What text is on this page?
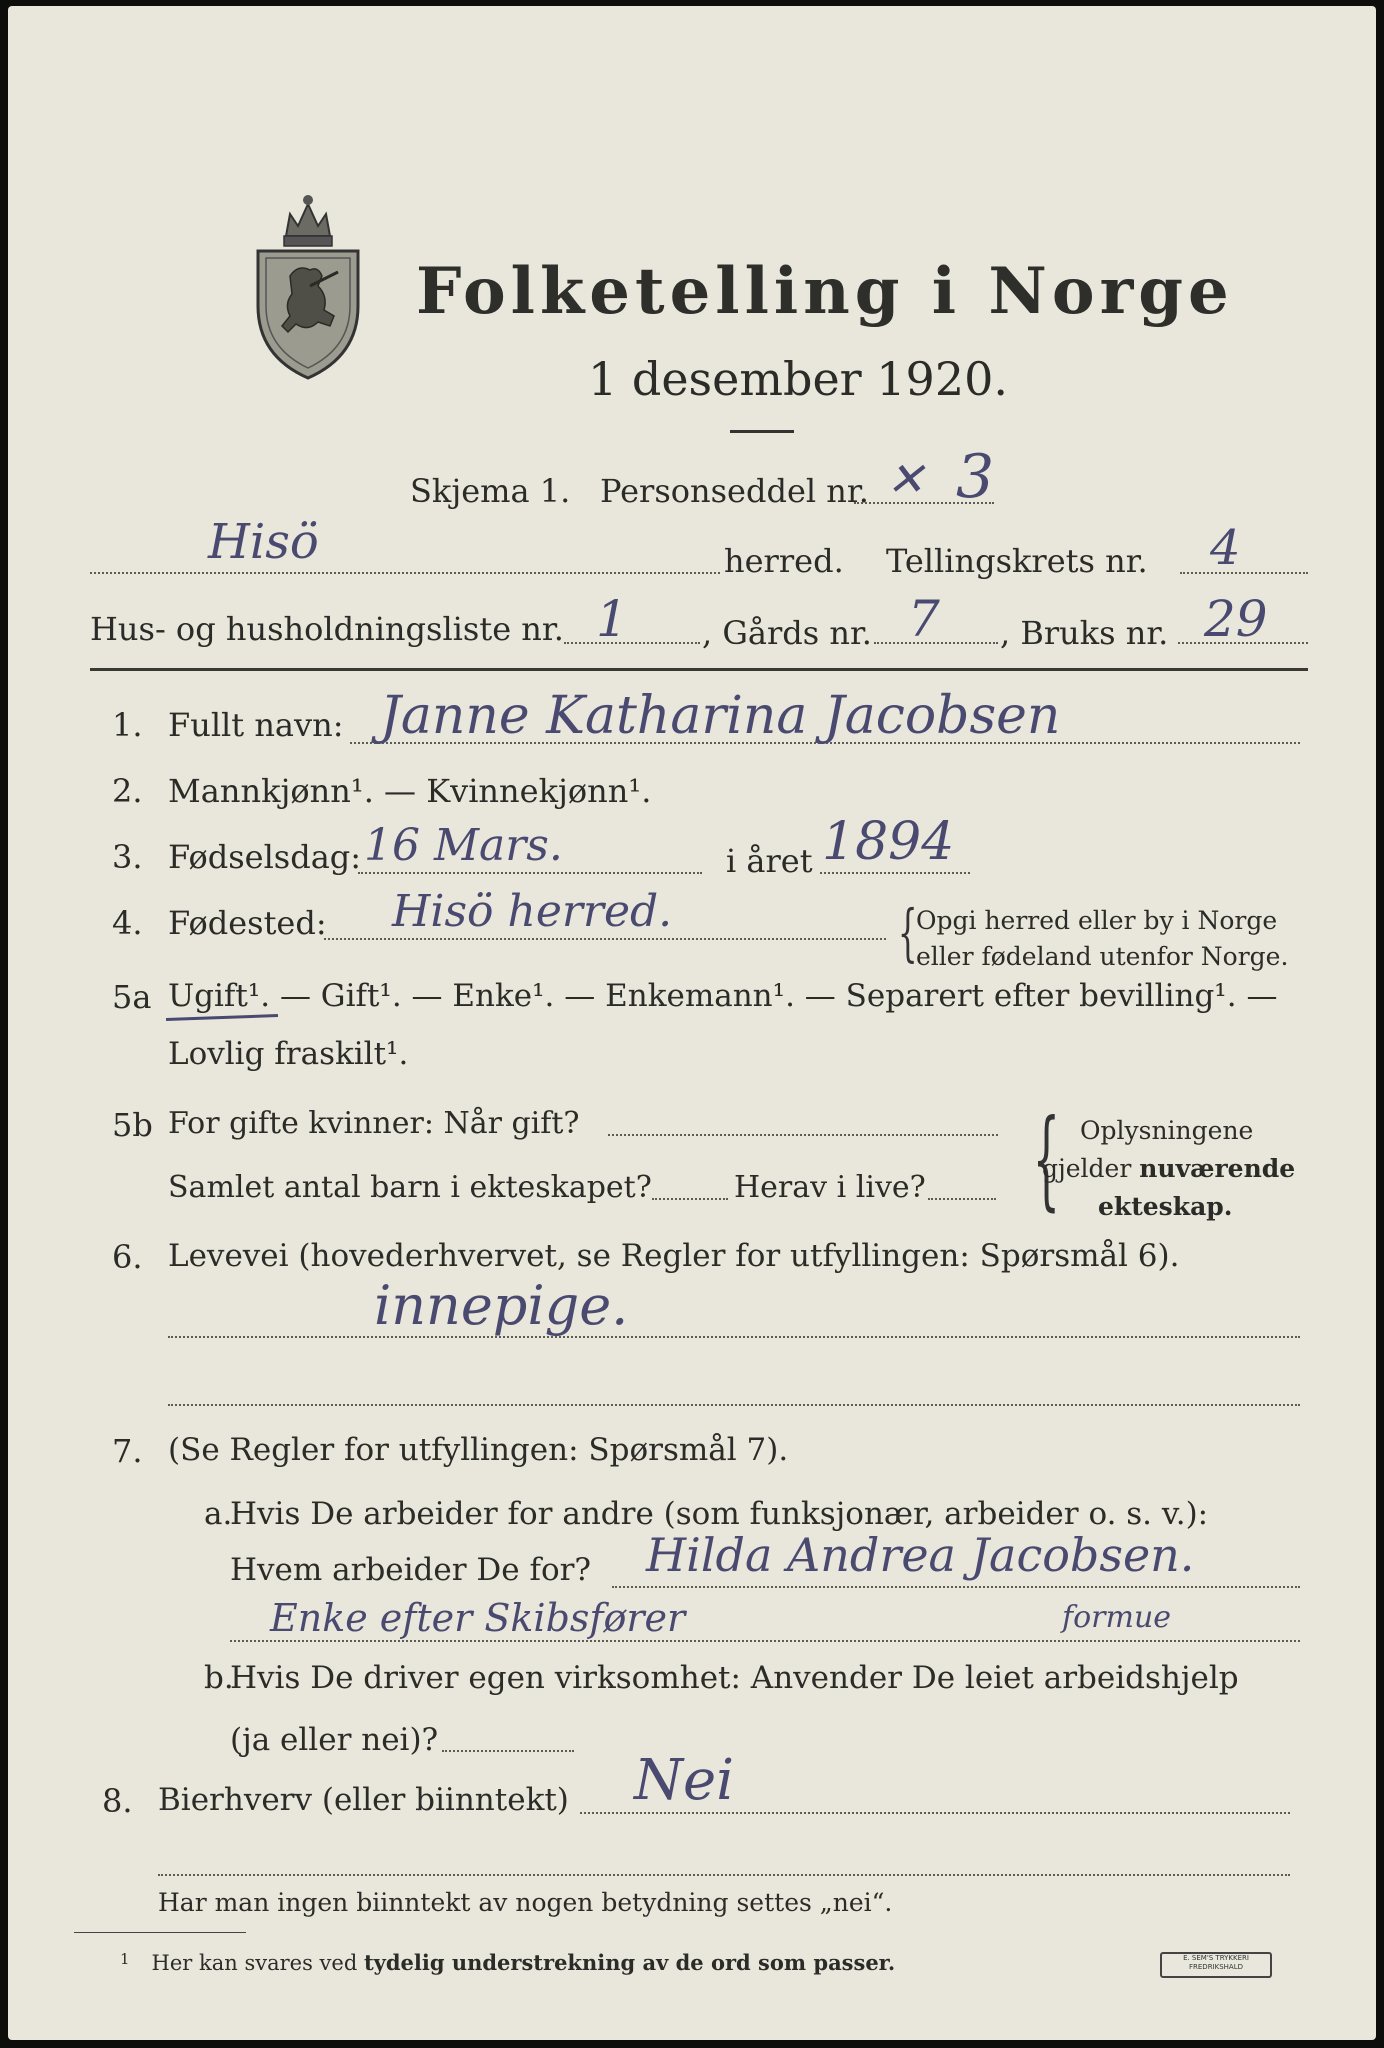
Folketelling i Norge
1 desember 1920.
Skjema 1. Personseddel nr. ✕ 3
Hisö	herred. Tellingskrets nr. 4
Hus- og husholdningsliste nr. 1 , Gårds nr. 7 , Bruks nr. 29
1. Fullt navn: Janne Katharina Jacobsen
2. Mannkjønn¹. — Kvinnekjønn¹.
3. Fødselsdag: 16 Mars.	i året 1894
4. Fødested: Hisö herred.	{
Opgi herred eller by i Norge
eller fødeland utenfor Norge.
5a Ugift¹. — Gift¹. — Enke¹. — Enkemann¹. — Separert efter bevilling¹. —
Lovlig fraskilt¹.
5b For gifte kvinner: Når gift?
Samlet antal barn i ekteskapet?	Herav i live? { Oplysningene
gjelder nuværende
ekteskap.
6. Levevei (hovederhvervet, se Regler for utfyllingen: Spørsmål 6).
innepige.
7. (Se Regler for utfyllingen: Spørsmål 7).
a.
Hvis De arbeider for andre (som funksjonær, arbeider o. s. v.):
Hvem arbeider De for? Hilda Andrea Jacobsen.
Enke efter Skibsfører	formue
b.
Hvis De driver egen virksomhet: Anvender De leiet arbeidshjelp
(ja eller nei)?
8. Bierhverv (eller biinntekt) Nei
Har man ingen biinntekt av nogen betydning settes „nei“.
$^1$ Her kan svares ved tydelig understrekning av de ord som passer.	E. SEM'S TRYKKERI
FREDRIKSHALD
